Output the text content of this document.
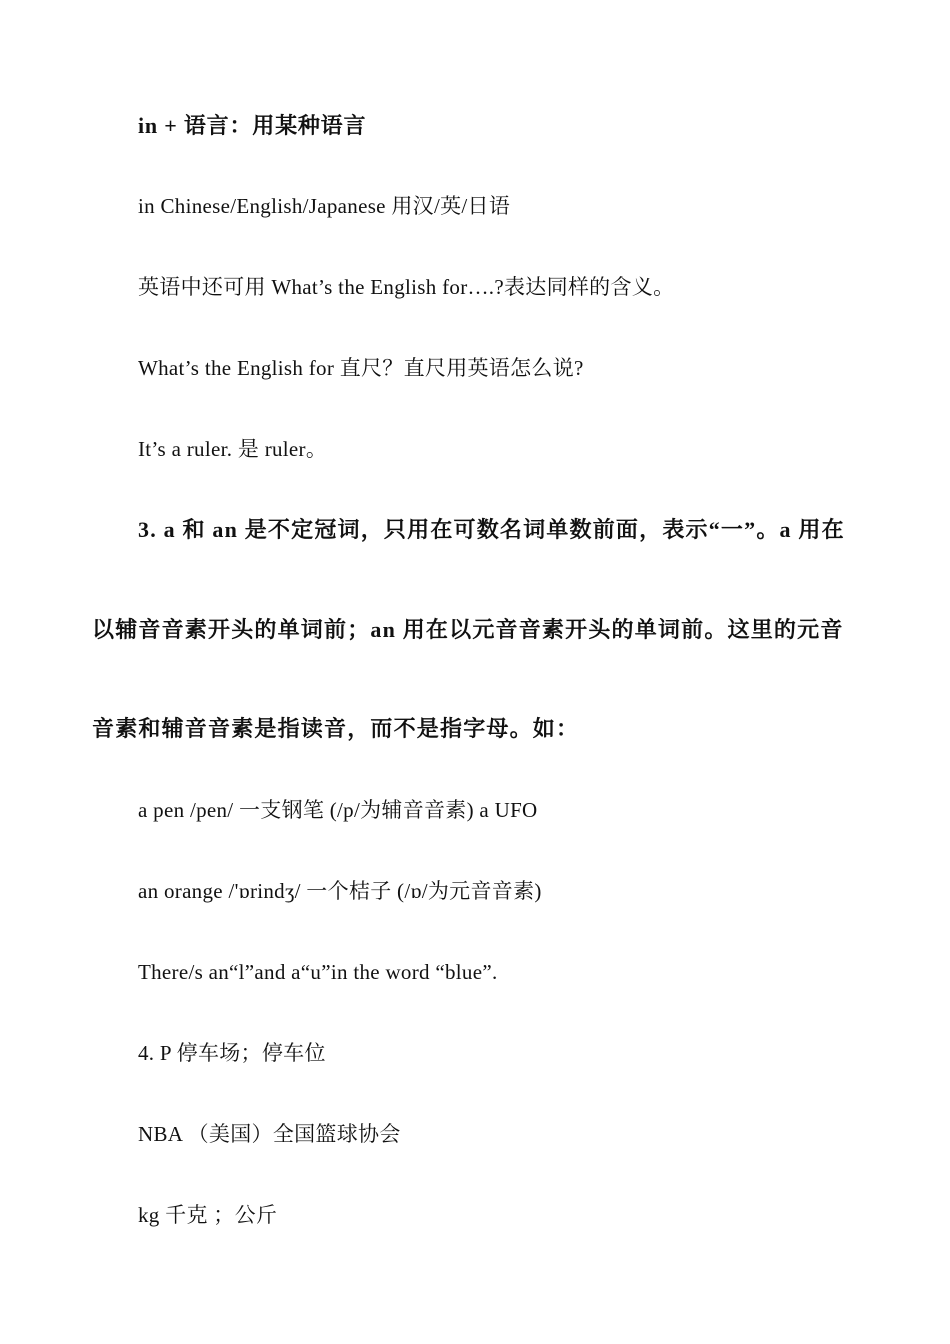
in + 语言：用某种语言
in Chinese/English/Japanese 用汉/英/日语
英语中还可用 What’s the English for….?表达同样的含义。
What’s the English for 直尺？直尺用英语怎么说?
It’s a ruler. 是 ruler。
3. a 和 an 是不定冠词，只用在可数名词单数前面，表示“一”。a 用在
以辅音音素开头的单词前；an 用在以元音音素开头的单词前。这里的元音
音素和辅音音素是指读音，而不是指字母。如：
a pen /pen/ 一支钢笔 (/p/为辅音音素) a UFO
an orange /'ɒrindʒ/ 一个桔子 (/ɒ/为元音音素)
There/s an“l”and a“u”in the word “blue”.
4. P 停车场；停车位
NBA （美国）全国篮球协会
kg 千克 ；公斤
